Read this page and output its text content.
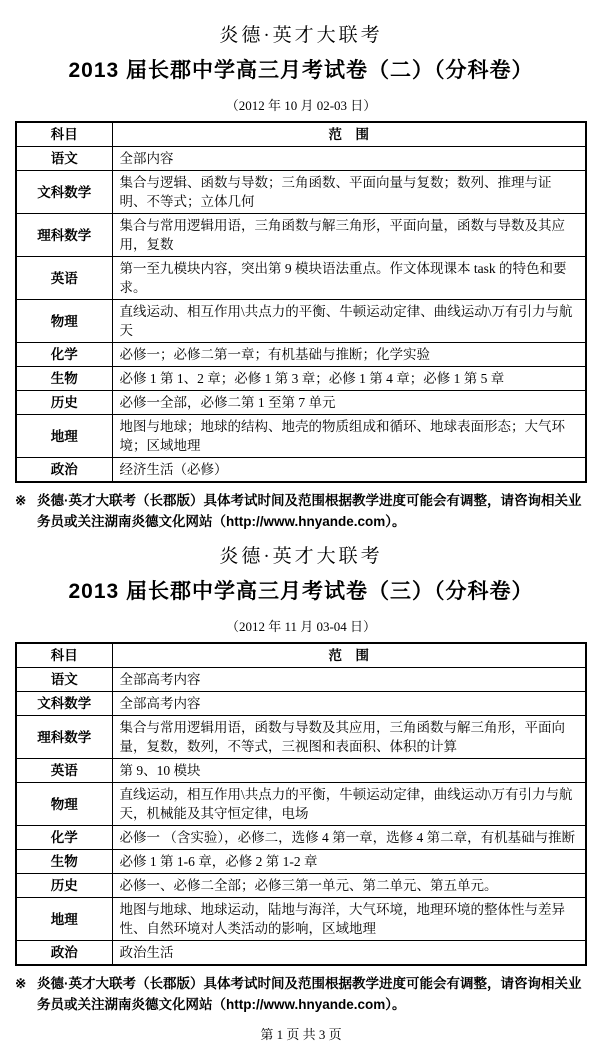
炎德·英才大联考
2013 届长郡中学高三月考试卷（二）（分科卷）
（2012 年 10 月 02-03 日）
科目	范　围
语文	全部内容
文科数学	集合与逻辑、函数与导数；三角函数、平面向量与复数；数列、推理与证明、不等式；立体几何
理科数学	集合与常用逻辑用语，三角函数与解三角形，平面向量，函数与导数及其应用，复数
英语	第一至九模块内容，突出第 9 模块语法重点。作文体现课本 task 的特色和要求。
物理	直线运动、相互作用\共点力的平衡、牛顿运动定律、曲线运动\万有引力与航天
化学	必修一；必修二第一章；有机基础与推断；化学实验
生物	必修 1 第 1、2 章；必修 1 第 3 章；必修 1 第 4 章；必修 1 第 5 章
历史	必修一全部，必修二第 1 至第 7 单元
地理	地图与地球；地球的结构、地壳的物质组成和循环、地球表面形态；大气环境；区域地理
政治	经济生活（必修）
※ 炎德·英才大联考（长郡版）具体考试时间及范围根据教学进度可能会有调整，请咨询相关业务员或关注湖南炎德文化网站（http://www.hnyande.com）。
炎德·英才大联考
2013 届长郡中学高三月考试卷（三）（分科卷）
（2012 年 11 月 03-04 日）
科目	范　围
语文	全部高考内容
文科数学	全部高考内容
理科数学	集合与常用逻辑用语，函数与导数及其应用，三角函数与解三角形，平面向量，复数，数列，不等式，三视图和表面积、体积的计算
英语	第 9、10 模块
物理	直线运动，相互作用\共点力的平衡，牛顿运动定律，曲线运动\万有引力与航天，机械能及其守恒定律，电场
化学	必修一 （含实验），必修二，选修 4 第一章，选修 4 第二章，有机基础与推断
生物	必修 1 第 1-6 章，必修 2 第 1-2 章
历史	必修一、必修二全部；必修三第一单元、第二单元、第五单元。
地理	地图与地球、地球运动，陆地与海洋，大气环境，地理环境的整体性与差异性、自然环境对人类活动的影响，区域地理
政治	政治生活
※ 炎德·英才大联考（长郡版）具体考试时间及范围根据教学进度可能会有调整，请咨询相关业务员或关注湖南炎德文化网站（http://www.hnyande.com）。
第 1 页 共 3 页
